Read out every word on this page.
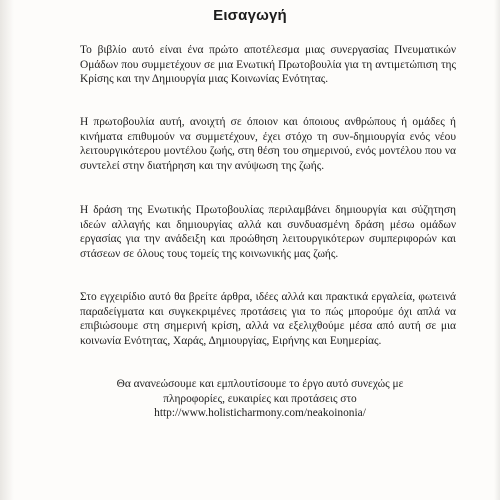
Εισαγωγή
Το βιβλίο αυτό είναι ένα πρώτο αποτέλεσμα μιας συνεργασίας Πνευματικών Ομάδων που συμμετέχουν σε μια Ενωτική Πρωτοβουλία για τη αντιμετώπιση της Κρίσης και την Δημιουργία μιας Κοινωνίας Ενότητας.
Η πρωτοβουλία αυτή, ανοιχτή σε όποιον και όποιους ανθρώπους ή ομάδες ή κινήματα επιθυμούν να συμμετέχουν, έχει στόχο τη συν-δημιουργία ενός νέου λειτουργικότερου μοντέλου ζωής, στη θέση του σημερινού, ενός μοντέλου που να συντελεί στην διατήρηση και την ανύψωση της ζωής.
Η δράση της Ενωτικής Πρωτοβουλίας περιλαμβάνει δημιουργία και σύζητηση ιδεών αλλαγής και δημιουργίας αλλά και συνδυασμένη δράση μέσω ομάδων εργασίας για την ανάδειξη και προώθηση λειτουργικότερων συμπεριφορών και στάσεων σε όλους τους τομείς της κοινωνικής μας ζωής.
Στο εγχειρίδιο αυτό θα βρείτε άρθρα, ιδέες αλλά και πρακτικά εργαλεία, φωτεινά παραδείγματα και συγκεκριμένες προτάσεις για το πώς μπορούμε όχι απλά να επιβιώσουμε στη σημερινή κρίση, αλλά να εξελιχθούμε μέσα από αυτή σε μια κοινωνία Ενότητας, Χαράς, Δημιουργίας, Ειρήνης και Ευημερίας.
Θα ανανεώσουμε και εμπλουτίσουμε το έργο αυτό συνεχώς με
πληροφορίες, ευκαιρίες και προτάσεις στο
http://www.holisticharmony.com/neakoinonia/
